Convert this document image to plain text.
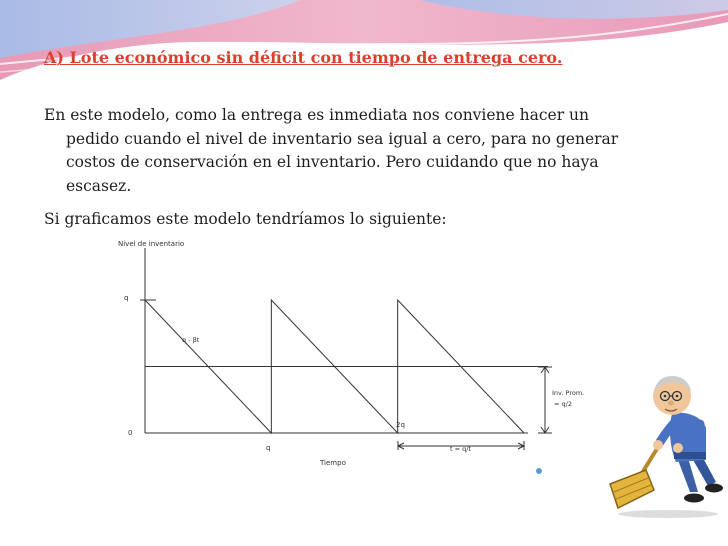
A) Lote económico sin déficit con tiempo de entrega cero.
En este modelo, como la entrega es inmediata nos conviene hacer un
pedido cuando el nivel de inventario sea igual a cero, para no generar
costos de conservación en el inventario. Pero cuidando que no haya
escasez.
Si graficamos este modelo tendríamos lo siguiente:
Nivel de inventario
Tiempo
q
0
q
2q
q - βt
Inv. Prom.
= q/2
t = q/t
